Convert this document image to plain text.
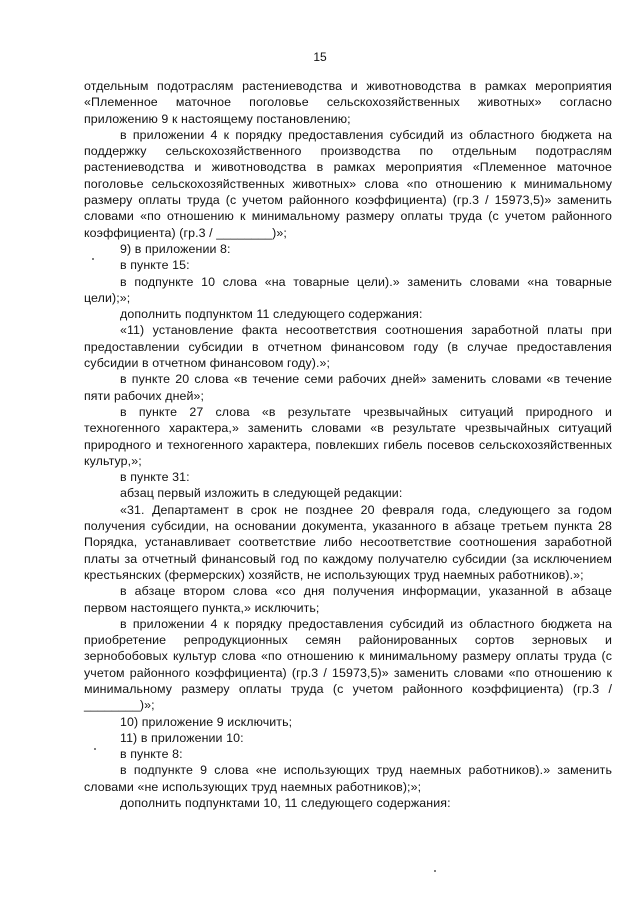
15

отдельным подотраслям растениеводства и животноводства в рамках мероприятия «Племенное маточное поголовье сельскохозяйственных животных» согласно приложению 9 к настоящему постановлению;

в приложении 4 к порядку предоставления субсидий из областного бюджета на поддержку сельскохозяйственного производства по отдельным подотраслям растениеводства и животноводства в рамках мероприятия «Племенное маточное поголовье сельскохозяйственных животных» слова «по отношению к минимальному размеру оплаты труда (с учетом районного коэффициента) (гр.3 / 15973,5)» заменить словами «по отношению к минимальному размеру оплаты труда (с учетом районного коэффициента) (гр.3 / ________)»;

9) в приложении 8:

в пункте 15:

в подпункте 10 слова «на товарные цели).» заменить словами «на товарные цели);»;

дополнить подпунктом 11 следующего содержания:

«11) установление факта несоответствия соотношения заработной платы при предоставлении субсидии в отчетном финансовом году (в случае предоставления субсидии в отчетном финансовом году).»;

в пункте 20 слова «в течение семи рабочих дней» заменить словами «в течение пяти рабочих дней»;

в пункте 27 слова «в результате чрезвычайных ситуаций природного и техногенного характера,» заменить словами «в результате чрезвычайных ситуаций природного и техногенного характера, повлекших гибель посевов сельскохозяйственных культур,»;

в пункте 31:

абзац первый изложить в следующей редакции:

«31. Департамент в срок не позднее 20 февраля года, следующего за годом получения субсидии, на основании документа, указанного в абзаце третьем пункта 28 Порядка, устанавливает соответствие либо несоответствие соотношения заработной платы за отчетный финансовый год по каждому получателю субсидии (за исключением крестьянских (фермерских) хозяйств, не использующих труд наемных работников).»;

в абзаце втором слова «со дня получения информации, указанной в абзаце первом настоящего пункта,» исключить;

в приложении 4 к порядку предоставления субсидий из областного бюджета на приобретение репродукционных семян районированных сортов зерновых и зернобобовых культур слова «по отношению к минимальному размеру оплаты труда (с учетом районного коэффициента) (гр.3 / 15973,5)» заменить словами «по отношению к минимальному размеру оплаты труда (с учетом районного коэффициента) (гр.3 / ________)»;

10) приложение 9 исключить;

11) в приложении 10:

в пункте 8:

в подпункте 9 слова «не использующих труд наемных работников).» заменить словами «не использующих труд наемных работников);»;

дополнить подпунктами 10, 11 следующего содержания:
